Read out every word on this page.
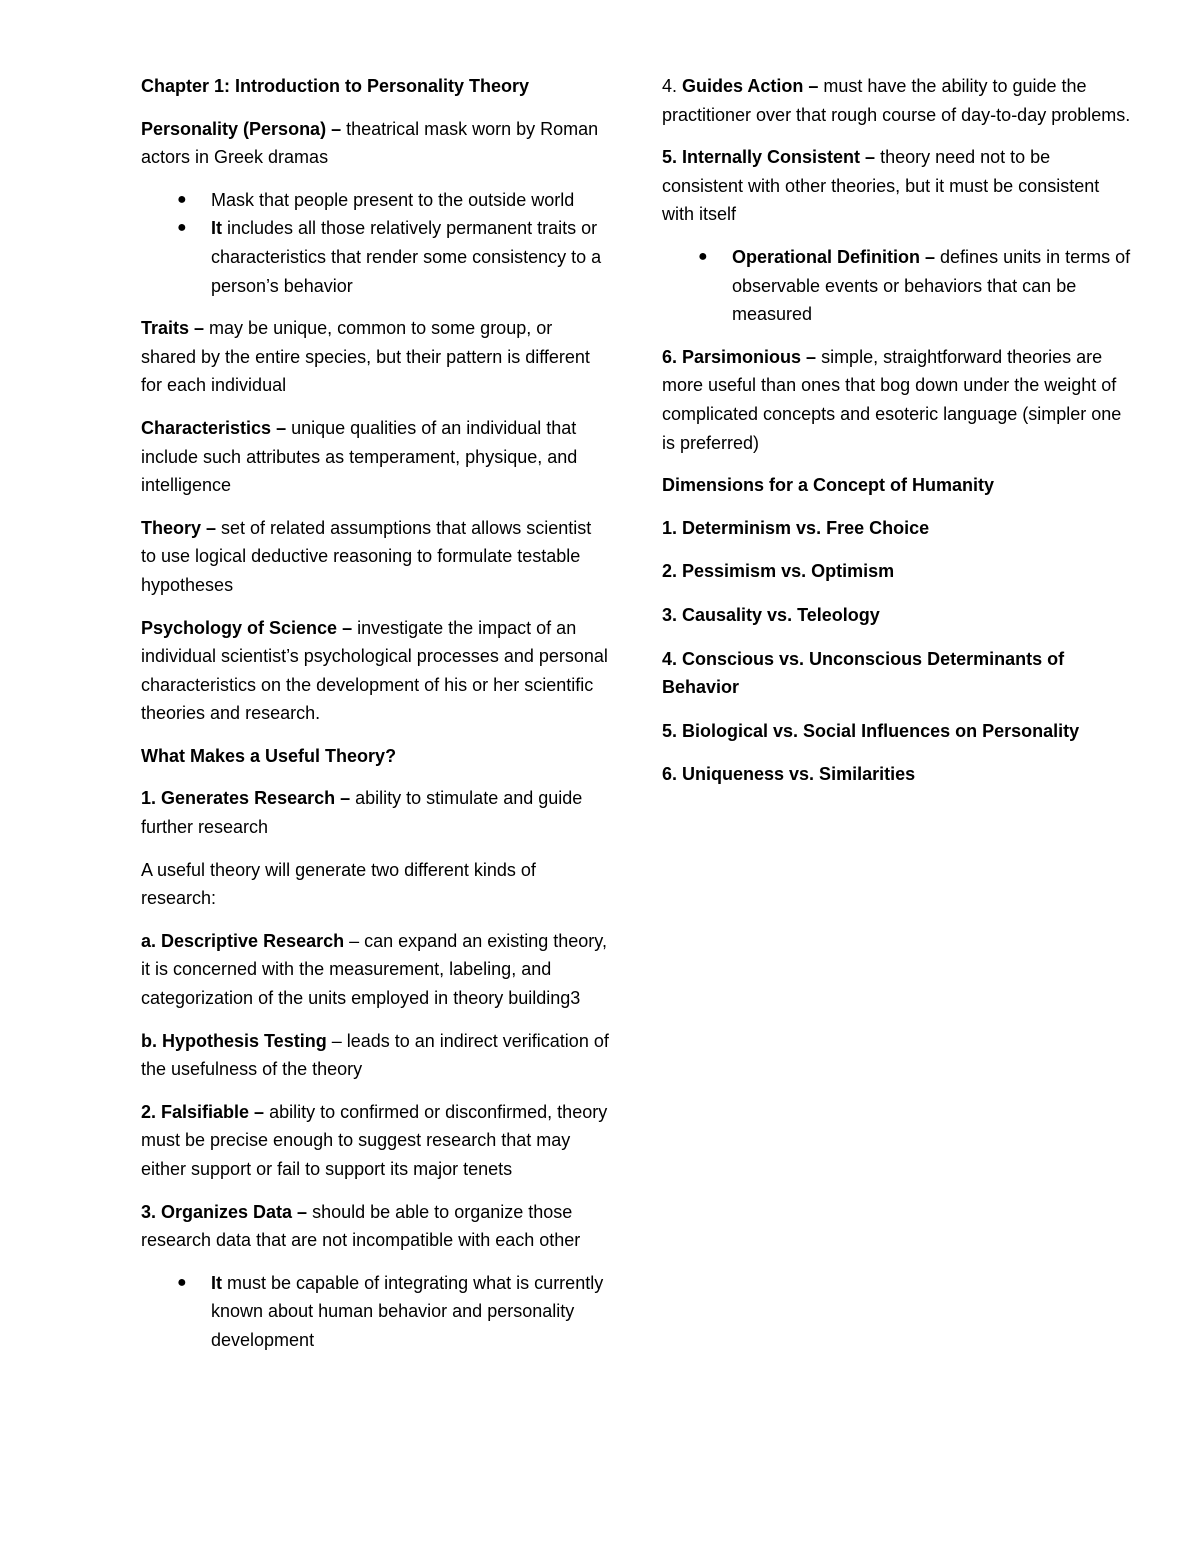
Chapter 1: Introduction to Personality Theory

Personality (Persona) – theatrical mask worn by Roman actors in Greek dramas

● Mask that people present to the outside world
● It includes all those relatively permanent traits or characteristics that render some consistency to a person’s behavior

Traits – may be unique, common to some group, or shared by the entire species, but their pattern is different for each individual

Characteristics – unique qualities of an individual that include such attributes as temperament, physique, and intelligence

Theory – set of related assumptions that allows scientist to use logical deductive reasoning to formulate testable hypotheses

Psychology of Science – investigate the impact of an individual scientist’s psychological processes and personal characteristics on the development of his or her scientific theories and research.

What Makes a Useful Theory?

1. Generates Research – ability to stimulate and guide further research

A useful theory will generate two different kinds of research:

a. Descriptive Research – can expand an existing theory, it is concerned with the measurement, labeling, and categorization of the units employed in theory building3

b. Hypothesis Testing – leads to an indirect verification of the usefulness of the theory

2. Falsifiable – ability to confirmed or disconfirmed, theory must be precise enough to suggest research that may either support or fail to support its major tenets

3. Organizes Data – should be able to organize those research data that are not incompatible with each other

● It must be capable of integrating what is currently known about human behavior and personality development

4. Guides Action – must have the ability to guide the practitioner over that rough course of day-to-day problems.

5. Internally Consistent – theory need not to be consistent with other theories, but it must be consistent with itself

● Operational Definition – defines units in terms of observable events or behaviors that can be measured

6. Parsimonious – simple, straightforward theories are more useful than ones that bog down under the weight of complicated concepts and esoteric language (simpler one is preferred)

Dimensions for a Concept of Humanity

1. Determinism vs. Free Choice

2. Pessimism vs. Optimism

3. Causality vs. Teleology

4. Conscious vs. Unconscious Determinants of Behavior

5. Biological vs. Social Influences on Personality

6. Uniqueness vs. Similarities
